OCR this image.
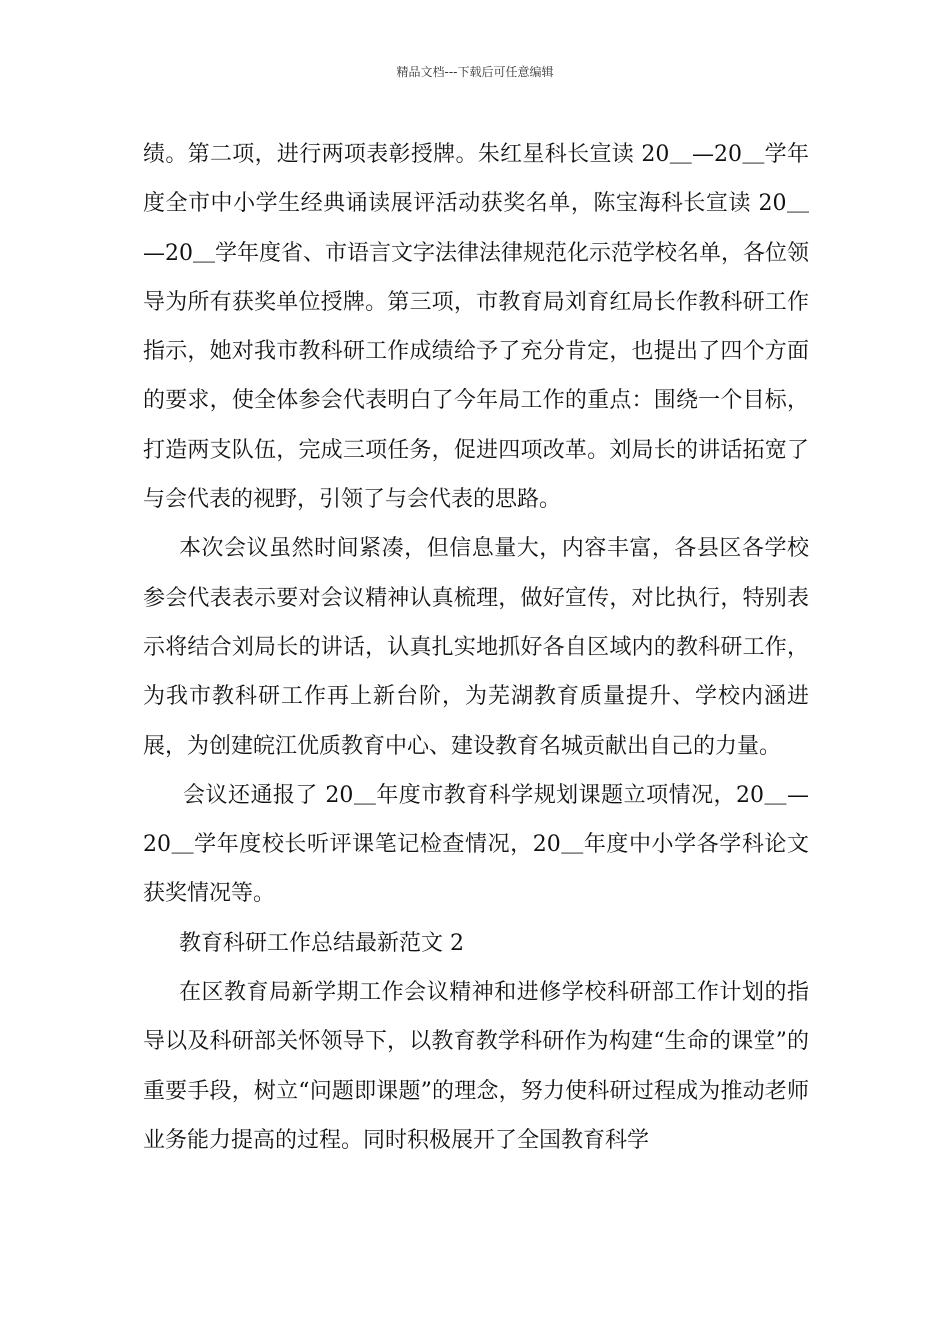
精品文档---下载后可任意编辑

绩。第二项，进行两项表彰授牌。朱红星科长宣读 20＿—20＿学年度全市中小学生经典诵读展评活动获奖名单，陈宝海科长宣读 20＿—20＿学年度省、市语言文字法律法律规范化示范学校名单，各位领导为所有获奖单位授牌。第三项，市教育局刘育红局长作教科研工作指示，她对我市教科研工作成绩给予了充分肯定，也提出了四个方面的要求，使全体参会代表明白了今年局工作的重点：围绕一个目标，打造两支队伍，完成三项任务，促进四项改革。刘局长的讲话拓宽了与会代表的视野，引领了与会代表的思路。

本次会议虽然时间紧凑，但信息量大，内容丰富，各县区各学校参会代表表示要对会议精神认真梳理，做好宣传，对比执行，特别表示将结合刘局长的讲话，认真扎实地抓好各自区域内的教科研工作，为我市教科研工作再上新台阶，为芜湖教育质量提升、学校内涵进展，为创建皖江优质教育中心、建设教育名城贡献出自己的力量。

会议还通报了 20＿年度市教育科学规划课题立项情况，20＿—20＿学年度校长听评课笔记检查情况，20＿年度中小学各学科论文获奖情况等。

教育科研工作总结最新范文 2

在区教育局新学期工作会议精神和进修学校科研部工作计划的指导以及科研部关怀领导下，以教育教学科研作为构建“生命的课堂”的重要手段，树立“问题即课题”的理念，努力使科研过程成为推动老师业务能力提高的过程。同时积极展开了全国教育科学
